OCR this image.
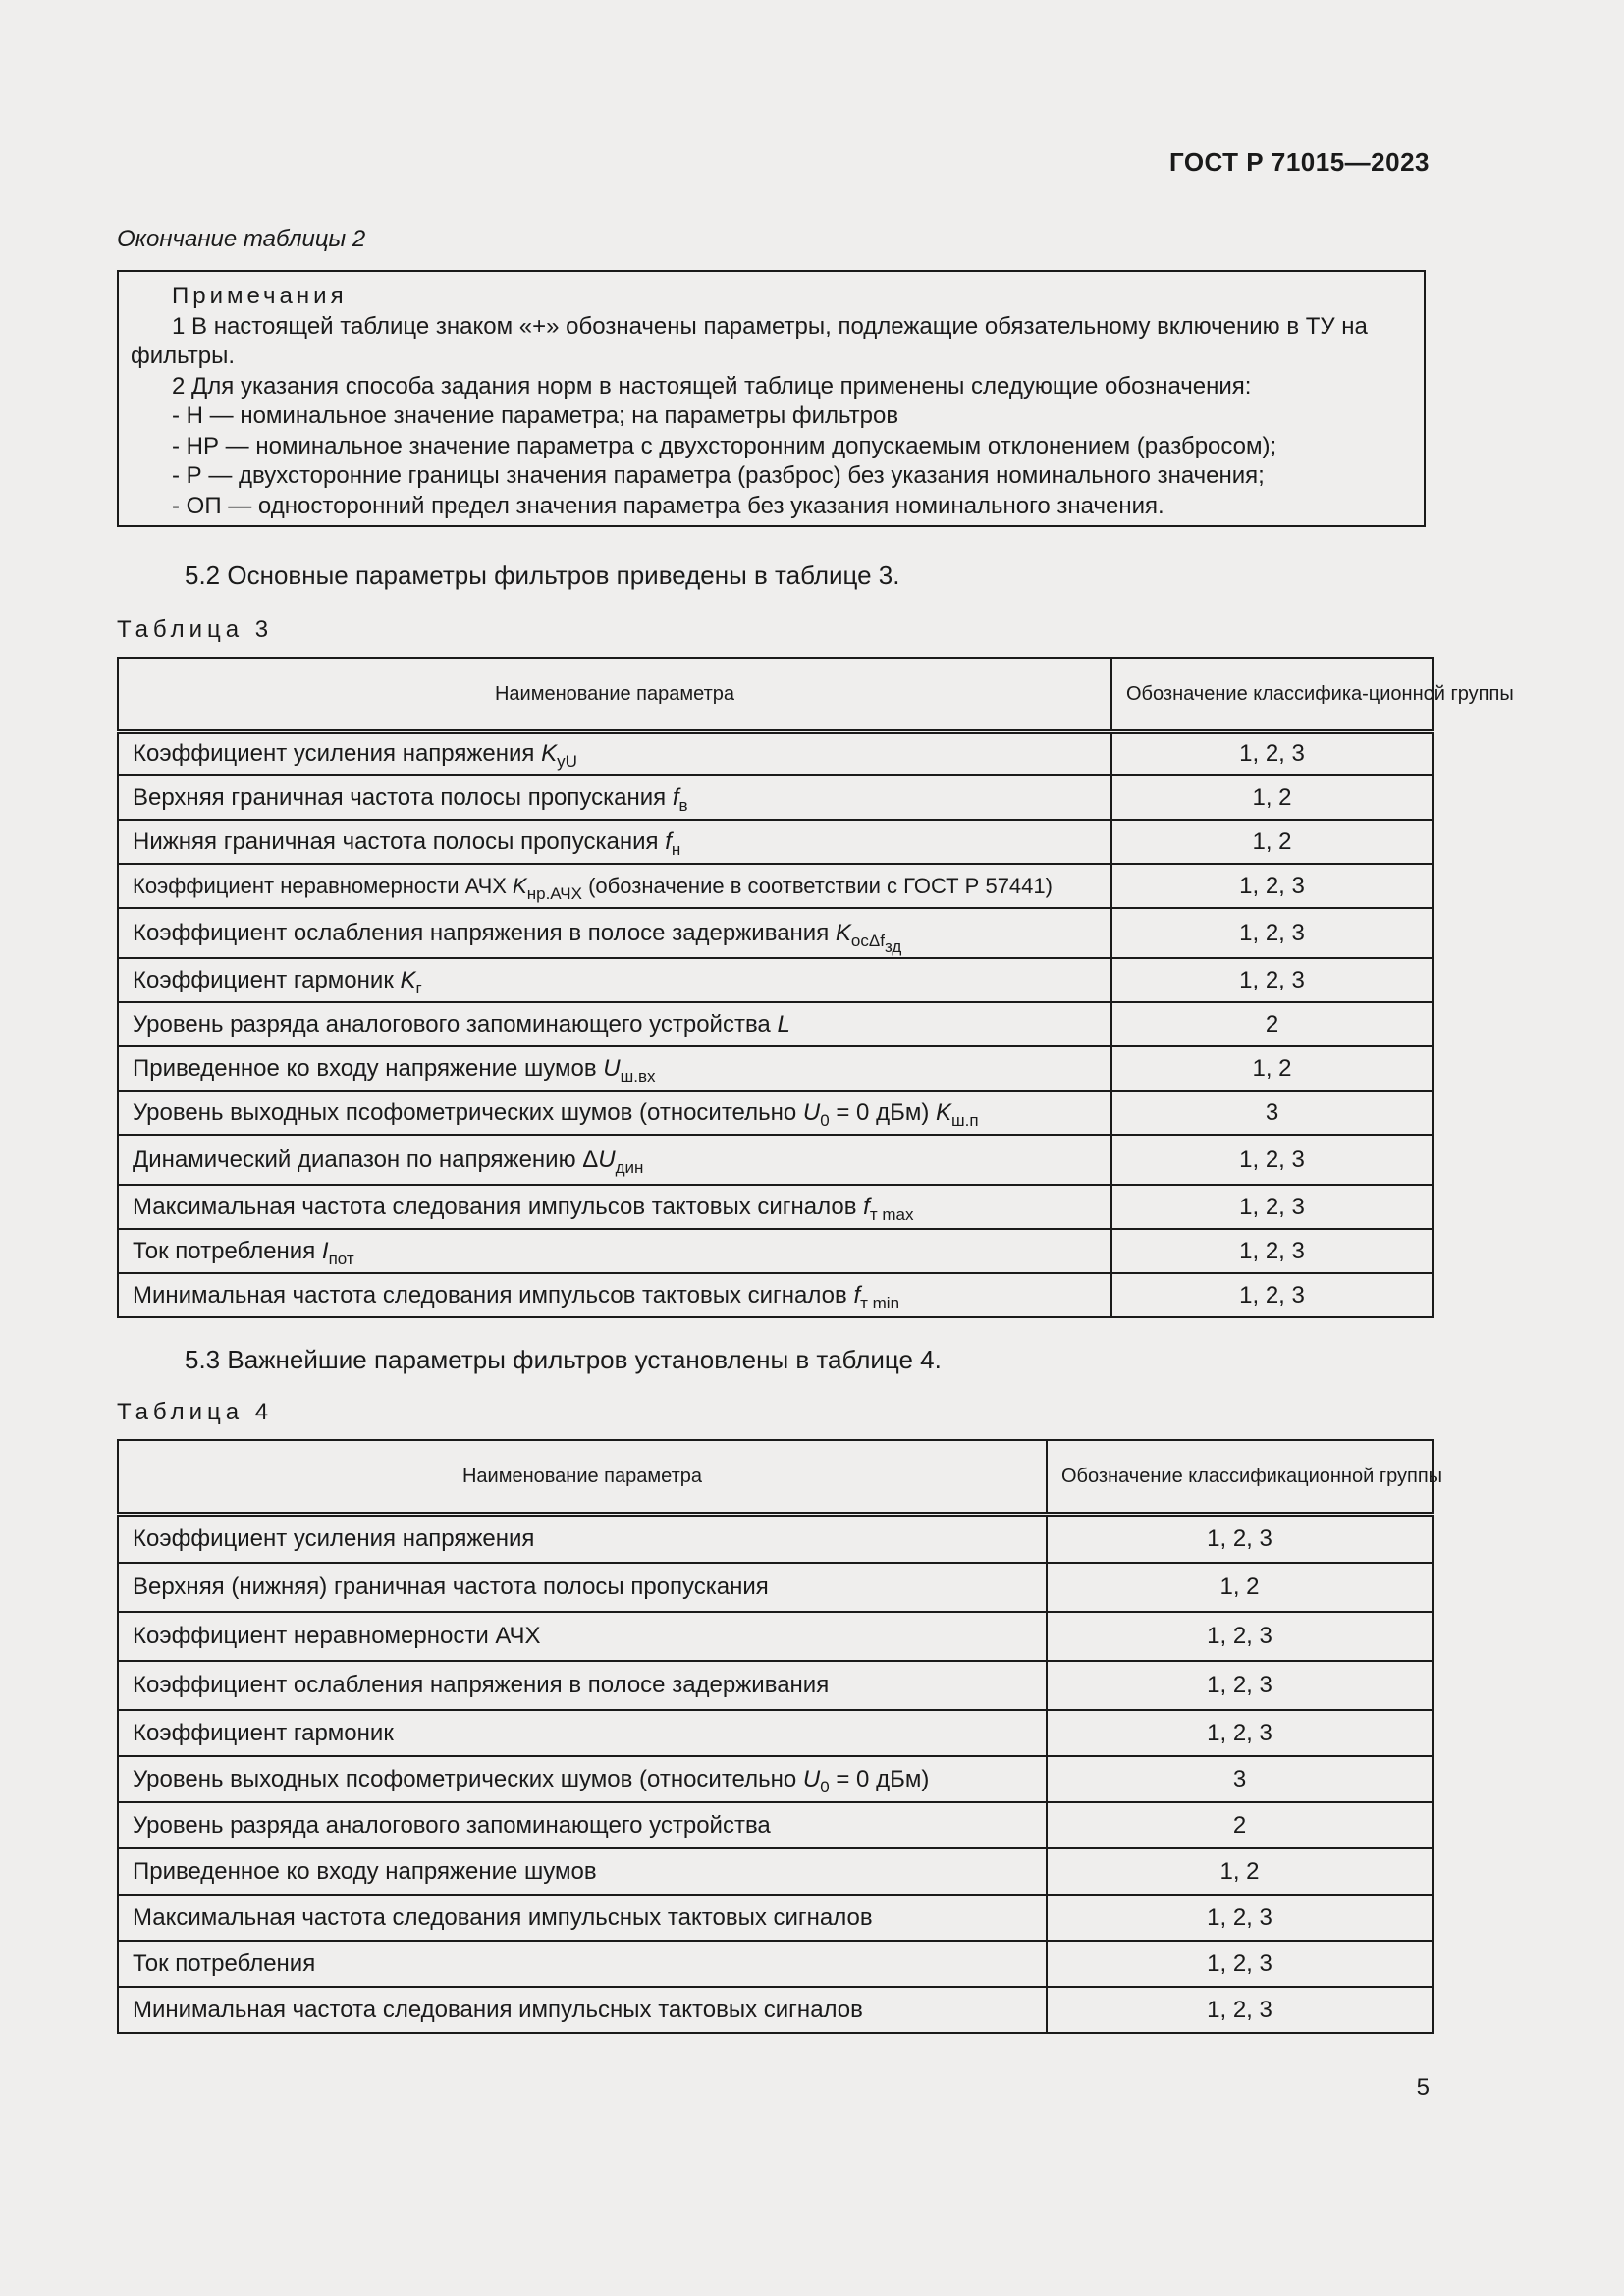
ГОСТ Р 71015—2023
Окончание таблицы 2
Примечания
1 В настоящей таблице знаком «+» обозначены параметры, подлежащие обязательному включению в ТУ на
фильтры.
2 Для указания способа задания норм в настоящей таблице применены следующие обозначения:
- Н — номинальное значение параметра; на параметры фильтров
- НР — номинальное значение параметра с двухсторонним допускаемым отклонением (разбросом);
- Р — двухсторонние границы значения параметра (разброс) без указания номинального значения;
- ОП — односторонний предел значения параметра без указания номинального значения.
5.2 Основные параметры фильтров приведены в таблице 3.
Таблица 3
Наименование параметра	Обозначение классифика-ционной группы
Коэффициент усиления напряжения $K_{yU}$	1, 2, 3
Верхняя граничная частота полосы пропускания $f_в$	1, 2
Нижняя граничная частота полосы пропускания $f_н$	1, 2
Коэффициент неравномерности АЧХ $K_{нр.АЧХ}$ (обозначение в соответствии с ГОСТ Р 57441)	1, 2, 3
Коэффициент ослабления напряжения в полосе задерживания $K_{oc\Delta f_{зд}}$	1, 2, 3
Коэффициент гармоник $K_г$	1, 2, 3
Уровень разряда аналогового запоминающего устройства L	2
Приведенное ко входу напряжение шумов $U_{ш.вх}$	1, 2
Уровень выходных псофометрических шумов (относительно $U_0 = 0$ дБм) $K_{ш.п}$	3
Динамический диапазон по напряжению $\Delta U_{дин}$	1, 2, 3
Максимальная частота следования импульсов тактовых сигналов $f_{т max}$	1, 2, 3
Ток потребления $I_{пот}$	1, 2, 3
Минимальная частота следования импульсов тактовых сигналов $f_{т min}$	1, 2, 3
5.3 Важнейшие параметры фильтров установлены в таблице 4.
Таблица 4
Наименование параметра	Обозначение классификационной группы
Коэффициент усиления напряжения	1, 2, 3
Верхняя (нижняя) граничная частота полосы пропускания	1, 2
Коэффициент неравномерности АЧХ	1, 2, 3
Коэффициент ослабления напряжения в полосе задерживания	1, 2, 3
Коэффициент гармоник	1, 2, 3
Уровень выходных псофометрических шумов (относительно $U_0 = 0$ дБм)	3
Уровень разряда аналогового запоминающего устройства	2
Приведенное ко входу напряжение шумов	1, 2
Максимальная частота следования импульсных тактовых сигналов	1, 2, 3
Ток потребления	1, 2, 3
Минимальная частота следования импульсных тактовых сигналов	1, 2, 3
5
